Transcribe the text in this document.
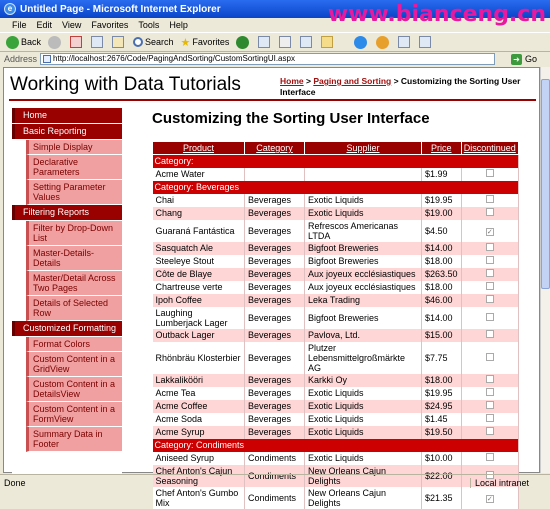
e Untitled Page - Microsoft Internet Explorer	www.bianceng.cn
File Edit View Favorites Tools Help
Back	Search ★ Favorites
Address	http://localhost:2676/Code/PagingAndSorting/CustomSortingUI.aspx	➜ Go
Working with Data Tutorials	Home > Paging and Sorting > Customizing the Sorting User Interface
Home
Basic Reporting
Simple Display
Declarative Parameters
Setting Parameter Values
Filtering Reports
Filter by Drop-Down List
Master-Details-Details
Master/Detail Across Two Pages
Details of Selected Row
Customized Formatting
Format Colors
Custom Content in a GridView
Custom Content in a DetailsView
Custom Content in a FormView
Summary Data in Footer
Customizing the Sorting User Interface
Product	Category	Supplier	Price	Discontinued
Category:				
Acme Water			$1.99	
Category: Beverages				
Chai	Beverages	Exotic Liquids	$19.95	
Chang	Beverages	Exotic Liquids	$19.00	
Guaraná Fantástica	Beverages	Refrescos Americanas LTDA	$4.50	✓
Sasquatch Ale	Beverages	Bigfoot Breweries	$14.00	
Steeleye Stout	Beverages	Bigfoot Breweries	$18.00	
Côte de Blaye	Beverages	Aux joyeux ecclésiastiques	$263.50	
Chartreuse verte	Beverages	Aux joyeux ecclésiastiques	$18.00	
Ipoh Coffee	Beverages	Leka Trading	$46.00	
Laughing Lumberjack Lager	Beverages	Bigfoot Breweries	$14.00	
Outback Lager	Beverages	Pavlova, Ltd.	$15.00	
Rhönbräu Klosterbier	Beverages	Plutzer Lebensmittelgroßmärkte AG	$7.75	
Lakkalikööri	Beverages	Karkki Oy	$18.00	
Acme Tea	Beverages	Exotic Liquids	$19.95	
Acme Coffee	Beverages	Exotic Liquids	$24.95	
Acme Soda	Beverages	Exotic Liquids	$1.45	
Acme Syrup	Beverages	Exotic Liquids	$19.50	
Category: Condiments				
Aniseed Syrup	Condiments	Exotic Liquids	$10.00	
Chef Anton's Cajun Seasoning	Condiments	New Orleans Cajun Delights	$22.00	
Chef Anton's Gumbo Mix	Condiments	New Orleans Cajun Delights	$21.35	✓
Done	Local intranet
